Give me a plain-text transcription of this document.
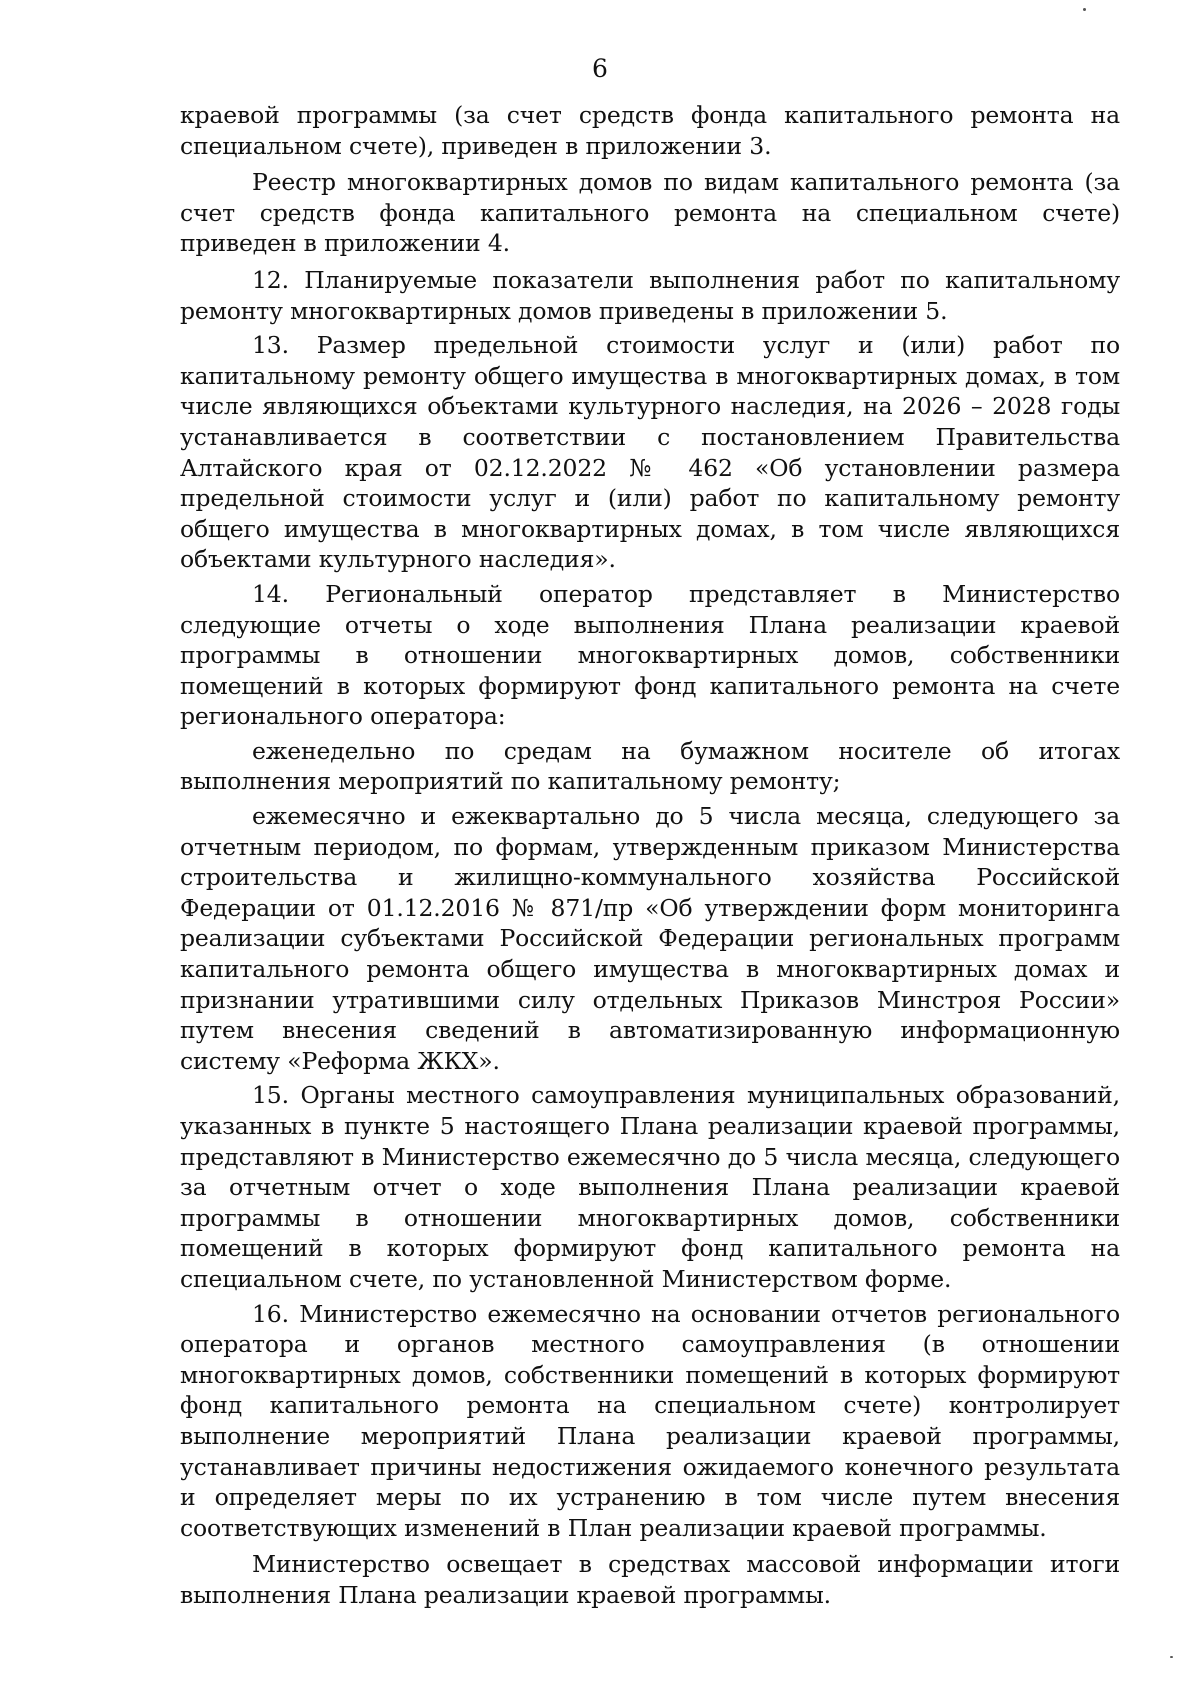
6

краевой программы (за счет средств фонда капитального ремонта на специальном счете), приведен в приложении 3.

Реестр многоквартирных домов по видам капитального ремонта (за счет средств фонда капитального ремонта на специальном счете) приведен в приложении 4.

12. Планируемые показатели выполнения работ по капитальному ремонту многоквартирных домов приведены в приложении 5.

13. Размер предельной стоимости услуг и (или) работ по капитальному ремонту общего имущества в многоквартирных домах, в том числе являющихся объектами культурного наследия, на 2026 – 2028 годы устанавливается в соответствии с постановлением Правительства Алтайского края от 02.12.2022 № 462 «Об установлении размера предельной стоимости услуг и (или) работ по капитальному ремонту общего имущества в многоквартирных домах, в том числе являющихся объектами культурного наследия».

14. Региональный оператор представляет в Министерство следующие отчеты о ходе выполнения Плана реализации краевой программы в отношении многоквартирных домов, собственники помещений в которых формируют фонд капитального ремонта на счете регионального оператора:

еженедельно по средам на бумажном носителе об итогах выполнения мероприятий по капитальному ремонту;

ежемесячно и ежеквартально до 5 числа месяца, следующего за отчетным периодом, по формам, утвержденным приказом Министерства строительства и жилищно-коммунального хозяйства Российской Федерации от 01.12.2016 № 871/пр «Об утверждении форм мониторинга реализации субъектами Российской Федерации региональных программ капитального ремонта общего имущества в многоквартирных домах и признании утратившими силу отдельных Приказов Минстроя России» путем внесения сведений в автоматизированную информационную систему «Реформа ЖКХ».

15. Органы местного самоуправления муниципальных образований, указанных в пункте 5 настоящего Плана реализации краевой программы, представляют в Министерство ежемесячно до 5 числа месяца, следующего за отчетным отчет о ходе выполнения Плана реализации краевой программы в отношении многоквартирных домов, собственники помещений в которых формируют фонд капитального ремонта на специальном счете, по установленной Министерством форме.

16. Министерство ежемесячно на основании отчетов регионального оператора и органов местного самоуправления (в отношении многоквартирных домов, собственники помещений в которых формируют фонд капитального ремонта на специальном счете) контролирует выполнение мероприятий Плана реализации краевой программы, устанавливает причины недостижения ожидаемого конечного результата и определяет меры по их устранению в том числе путем внесения соответствующих изменений в План реализации краевой программы.

Министерство освещает в средствах массовой информации итоги выполнения Плана реализации краевой программы.
